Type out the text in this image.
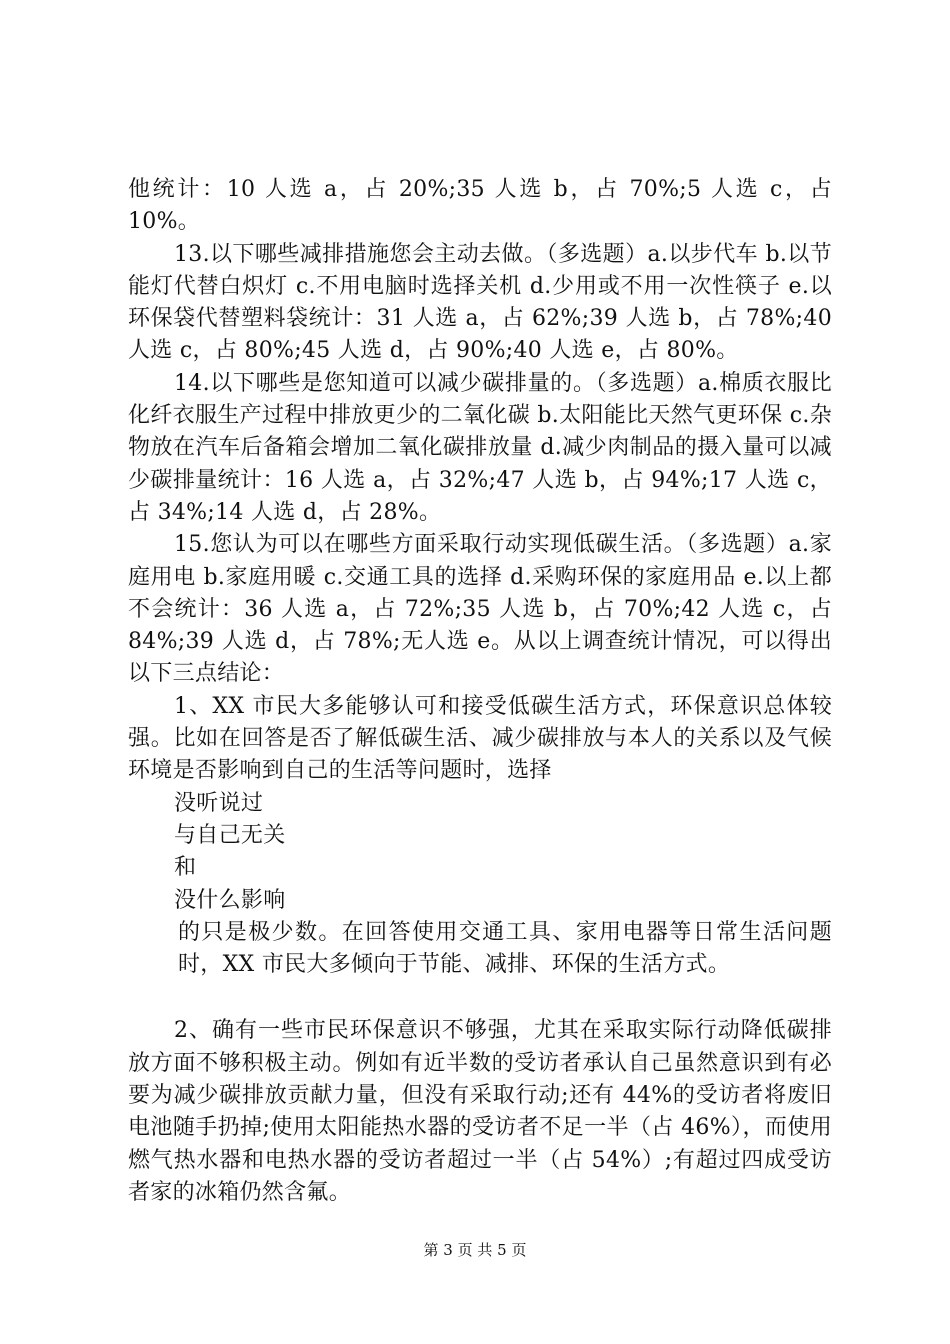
他统计：10 人选 a，占 20%;35 人选 b，占 70%;5 人选 c，占 10%。

13.以下哪些减排措施您会主动去做。（多选题）a.以步代车 b.以节能灯代替白炽灯 c.不用电脑时选择关机 d.少用或不用一次性筷子 e.以环保袋代替塑料袋统计：31 人选 a，占 62%;39 人选 b，占 78%;40 人选 c，占 80%;45 人选 d，占 90%;40 人选 e，占 80%。

14.以下哪些是您知道可以减少碳排量的。（多选题）a.棉质衣服比化纤衣服生产过程中排放更少的二氧化碳 b.太阳能比天然气更环保 c.杂物放在汽车后备箱会增加二氧化碳排放量 d.减少肉制品的摄入量可以减少碳排量统计：16 人选 a，占 32%;47 人选 b，占 94%;17 人选 c，占 34%;14 人选 d，占 28%。

15.您认为可以在哪些方面采取行动实现低碳生活。（多选题）a.家庭用电 b.家庭用暖 c.交通工具的选择 d.采购环保的家庭用品 e.以上都不会统计：36 人选 a，占 72%;35 人选 b，占 70%;42 人选 c，占 84%;39 人选 d，占 78%;无人选 e。从以上调查统计情况，可以得出以下三点结论：

1、XX 市民大多能够认可和接受低碳生活方式，环保意识总体较强。比如在回答是否了解低碳生活、减少碳排放与本人的关系以及气候环境是否影响到自己的生活等问题时，选择

没听说过

与自己无关

和

没什么影响

的只是极少数。在回答使用交通工具、家用电器等日常生活问题时，XX 市民大多倾向于节能、减排、环保的生活方式。

2、确有一些市民环保意识不够强，尤其在采取实际行动降低碳排放方面不够积极主动。例如有近半数的受访者承认自己虽然意识到有必要为减少碳排放贡献力量，但没有采取行动;还有 44%的受访者将废旧电池随手扔掉;使用太阳能热水器的受访者不足一半（占 46%），而使用燃气热水器和电热水器的受访者超过一半（占 54%）;有超过四成受访者家的冰箱仍然含氟。

第 3 页 共 5 页
